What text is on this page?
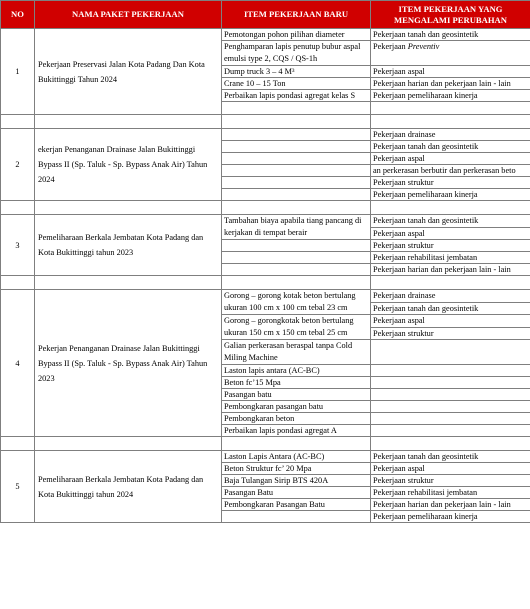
NO	NAMA PAKET PEKERJAAN	ITEM PEKERJAAN BARU	ITEM PEKERJAAN YANG MENGALAMI PERUBAHAN
1	Pekerjaan Preservasi Jalan Kota Padang Dan Kota Bukittinggi Tahun 2024	Pemotongan pohon pilihan diameter	Pekerjaan tanah dan geosintetik
		Penghamparan lapis penutup bubur aspal emulsi type 2, CQS / QS-1h	Pekerjaan Preventiv
		Dump truck 3 – 4 M³	Pekerjaan aspal
		Crane 10 – 15 Ton	Pekerjaan harian dan pekerjaan lain - lain
		Perbaikan lapis pondasi agregat kelas S	Pekerjaan pemeliharaan kinerja

2	ekerjan Penanganan Drainase Jalan Bukittinggi Bypass II (Sp. Taluk - Sp. Bypass Anak Air) Tahun 2024		Pekerjaan drainase
			Pekerjaan tanah dan geosintetik
			Pekerjaan aspal
			an perkerasan berbutir dan perkerasan beto
			Pekerjaan struktur
			Pekerjaan pemeliharaan kinerja

3	Pemeliharaan Berkala Jembatan Kota Padang dan Kota Bukittinggi tahun 2023	Tambahan biaya apabila tiang pancang di kerjakan di tempat berair	Pekerjaan tanah dan geosintetik
			Pekerjaan aspal
			Pekerjaan struktur
			Pekerjaan rehabilitasi jembatan
			Pekerjaan harian dan pekerjaan lain - lain

4	Pekerjan Penanganan Drainase Jalan Bukittinggi Bypass II (Sp. Taluk - Sp. Bypass Anak Air) Tahun 2023	Gorong – gorong kotak beton bertulang ukuran 100 cm x 100 cm tebal 23 cm	Pekerjaan drainase
			Pekerjaan tanah dan geosintetik
		Gorong – gorongkotak beton bertulang ukuran 150 cm x 150 cm tebal 25 cm	Pekerjaan aspal
			Pekerjaan struktur
		Galian perkerasan beraspal tanpa Cold Miling Machine	
		Laston lapis antara (AC-BC)	
		Beton fc’15 Mpa	
		Pasangan batu	
		Pembongkaran pasangan batu	
		Pembongkaran beton	
		Perbaikan lapis pondasi agregat A	

5	Pemeliharaan Berkala Jembatan Kota Padang dan Kota Bukittinggi tahun 2024	Laston Lapis Antara (AC-BC)	Pekerjaan tanah dan geosintetik
		Beton Struktur fc’ 20 Mpa	Pekerjaan aspal
		Baja Tulangan Sirip BTS 420A	Pekerjaan struktur
		Pasangan Batu	Pekerjaan rehabilitasi jembatan
		Pembongkaran Pasangan Batu	Pekerjaan harian dan pekerjaan lain - lain
			Pekerjaan pemeliharaan kinerja
